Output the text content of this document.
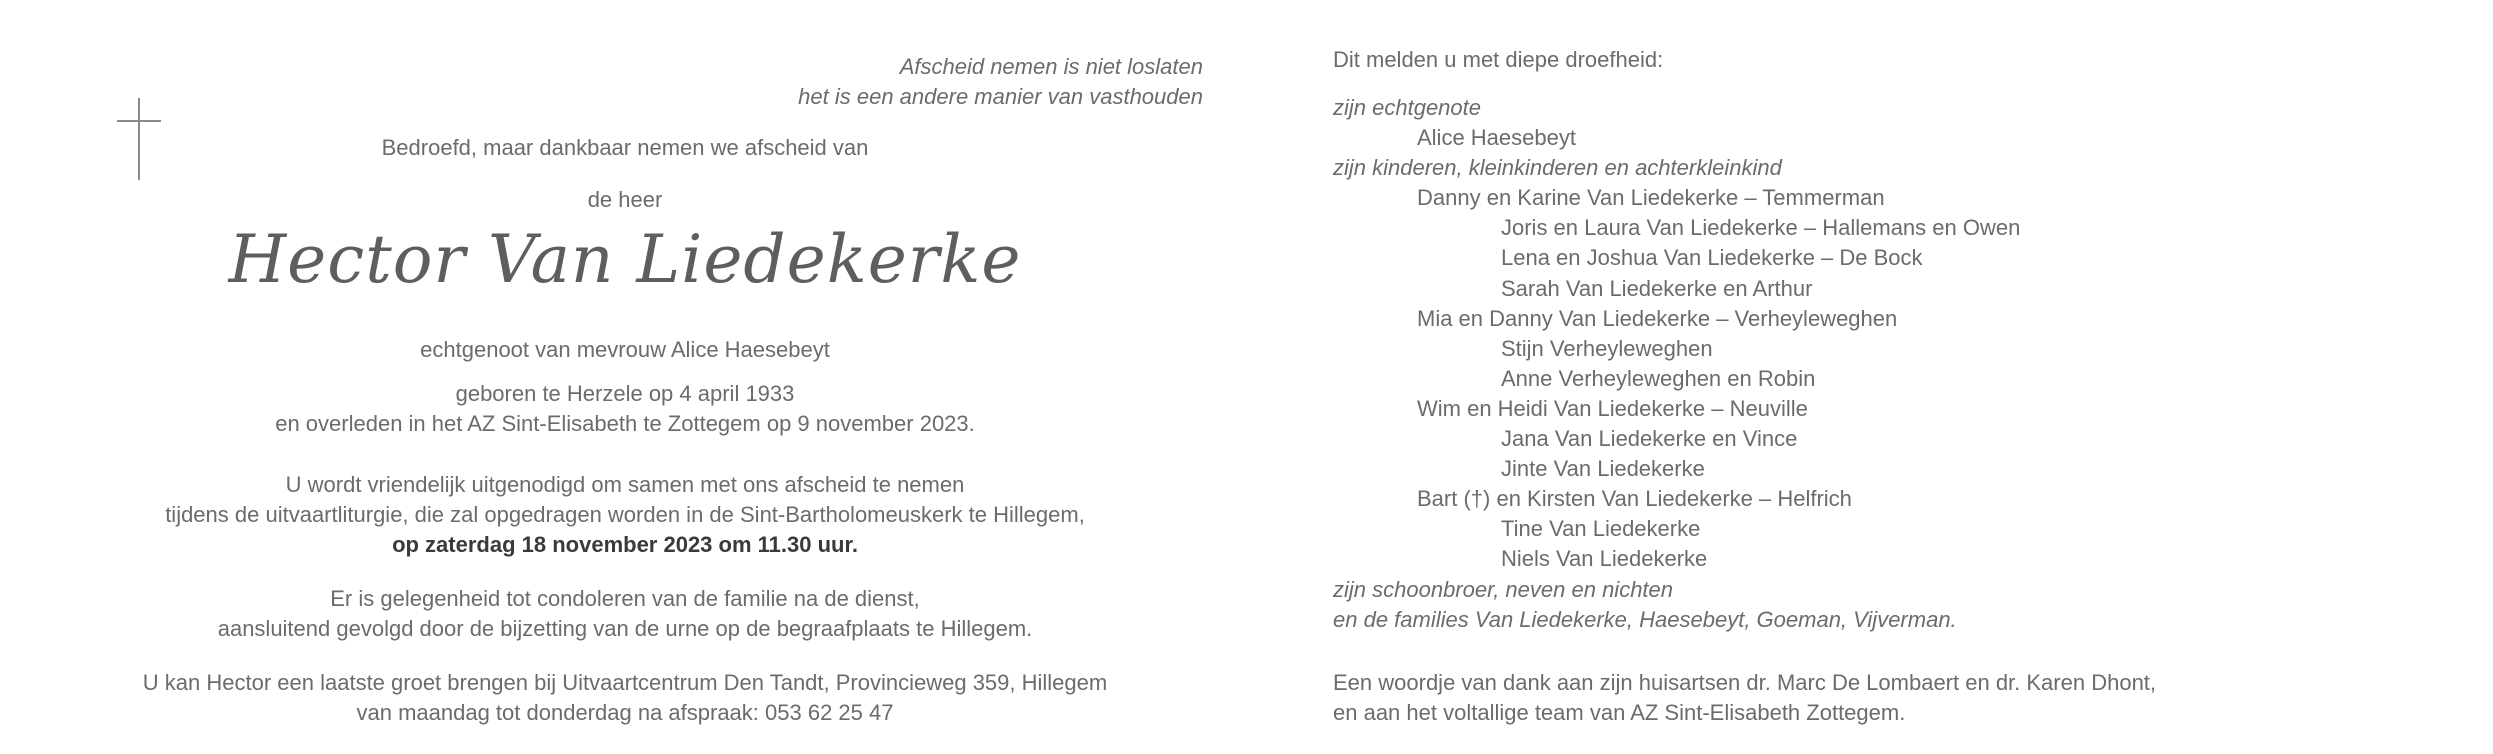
Afscheid nemen is niet loslaten
het is een andere manier van vasthouden
Bedroefd, maar dankbaar nemen we afscheid van
de heer
Hector Van Liedekerke
echtgenoot van mevrouw Alice Haesebeyt
geboren te Herzele op 4 april 1933
en overleden in het AZ Sint-Elisabeth te Zottegem op 9 november 2023.
U wordt vriendelijk uitgenodigd om samen met ons afscheid te nemen
tijdens de uitvaartliturgie, die zal opgedragen worden in de Sint-Bartholomeuskerk te Hillegem,
op zaterdag 18 november 2023 om 11.30 uur.
Er is gelegenheid tot condoleren van de familie na de dienst,
aansluitend gevolgd door de bijzetting van de urne op de begraafplaats te Hillegem.
U kan Hector een laatste groet brengen bij Uitvaartcentrum Den Tandt, Provincieweg 359, Hillegem
van maandag tot donderdag na afspraak: 053 62 25 47
Dit melden u met diepe droefheid:
zijn echtgenote
Alice Haesebeyt
zijn kinderen, kleinkinderen en achterkleinkind
Danny en Karine Van Liedekerke – Temmerman
Joris en Laura Van Liedekerke – Hallemans en Owen
Lena en Joshua Van Liedekerke – De Bock
Sarah Van Liedekerke en Arthur
Mia en Danny Van Liedekerke – Verheyleweghen
Stijn Verheyleweghen
Anne Verheyleweghen en Robin
Wim en Heidi Van Liedekerke – Neuville
Jana Van Liedekerke en Vince
Jinte Van Liedekerke
Bart (†) en Kirsten Van Liedekerke – Helfrich
Tine Van Liedekerke
Niels Van Liedekerke
zijn schoonbroer, neven en nichten
en de families Van Liedekerke, Haesebeyt, Goeman, Vijverman.
Een woordje van dank aan zijn huisartsen dr. Marc De Lombaert en dr. Karen Dhont,
en aan het voltallige team van AZ Sint-Elisabeth Zottegem.
